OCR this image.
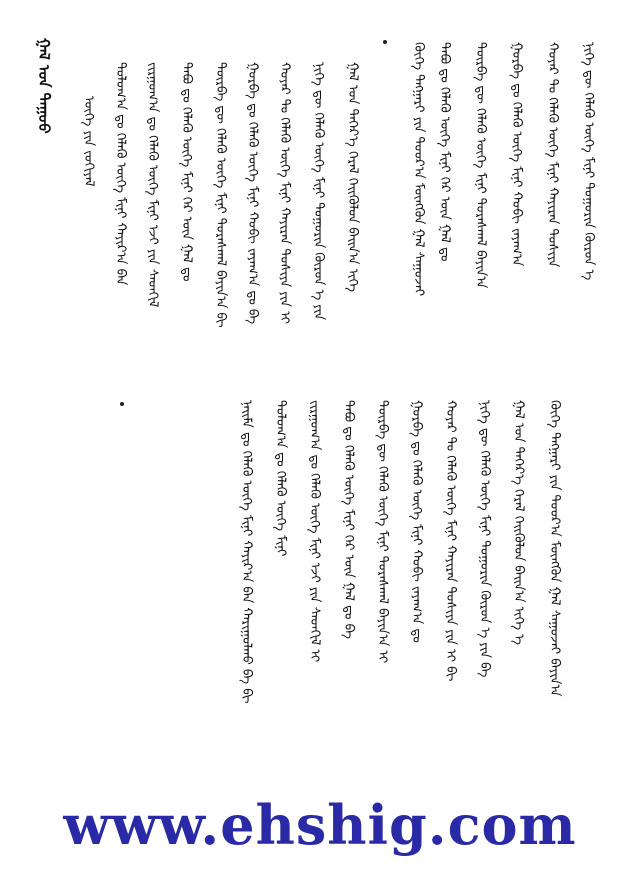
ᠨᠢᠭᠡ ᠳᠦ ᠬᠡᠯᠡᠬᠦ ᠦᠭᠡ ᠮᠢᠨᠢ ᠲᠣᠭᠣᠷᠢᠨ ᠬᠦᠷᠦᠨ ᠡ
ᠬᠣᠶᠠᠷ ᠲᠤ ᠬᠡᠯᠡᠬᠦ ᠦᠭᠡ ᠮᠢᠨᠢ ᠬᠠᠶᠢᠷᠠᠨ ᠲᠣᠰᠢᠶᠠ
ᠭᠤᠷᠪᠠ ᠳᠤ ᠬᠡᠯᠡᠬᠦ ᠦᠭᠡ ᠮᠢᠨᠢ ᠬᠤᠪᠢ ᠵᠠᠶᠠᠭ᠎ᠠ
ᠳᠥᠷᠪᠡ ᠳᠦ ᠬᠡᠯᠡᠬᠦ ᠦᠭᠡ ᠮᠢᠨᠢ ᠳᠤᠷᠠᠰᠬᠠᠯ ᠪᠠᠶᠢᠨ᠎ᠠ
ᠲᠠᠪᠤ ᠳᠤ ᠬᠡᠯᠡᠬᠦ ᠦᠭᠡ ᠮᠢᠨᠢ ᠭᠡᠷ ᠦᠨ ᠭᠠᠯ ᠳᠤ
ᠬᠥᠬᠡ ᠲᠩᠭᠠᠷᠢ ᠶᠢᠨ ᠳᠣᠣᠷ᠎ᠠ ᠮᠥᠩᠭᠥᠨ ᠭᠠᠯ ᠰᠠᠭᠤᠵᠠᠢ
ᠭᠠᠯ ᠤᠨ ᠳᠡᠭᠡᠷ᠎ᠡ ᠭᠡᠷᠡᠯ ᠭᠡᠢᠭᠦᠯᠦᠨ ᠪᠠᠢᠨ᠎ᠠ ᠢᠭᠡ
ᠨᠢᠭᠡ ᠳᠦ ᠬᠡᠯᠡᠬᠦ ᠦᠭᠡ ᠮᠢᠨᠢ ᠲᠣᠭᠣᠷᠢᠨ ᠬᠦᠷᠦᠨ ᠡ ᠶᠢᠨ
ᠬᠣᠶᠠᠷ ᠲᠤ ᠬᠡᠯᠡᠬᠦ ᠦᠭᠡ ᠮᠢᠨᠢ ᠬᠠᠶᠢᠷᠠᠨ ᠲᠣᠰᠢᠶᠠ ᠶᠢᠨ ᠢ
ᠭᠤᠷᠪᠠ ᠳᠤ ᠬᠡᠯᠡᠬᠦ ᠦᠭᠡ ᠮᠢᠨᠢ ᠬᠤᠪᠢ ᠵᠠᠶᠠᠭ᠎ᠠ ᠳᠤ ᠪᠠ
ᠳᠥᠷᠪᠡ ᠳᠦ ᠬᠡᠯᠡᠬᠦ ᠦᠭᠡ ᠮᠢᠨᠢ ᠳᠤᠷᠠᠰᠬᠠᠯ ᠪᠠᠶᠢᠨ᠎ᠠ ᠪᠢ
ᠲᠠᠪᠤ ᠳᠤ ᠬᠡᠯᠡᠬᠦ ᠦᠭᠡ ᠮᠢᠨᠢ ᠭᠡᠷ ᠦᠨ ᠭᠠᠯ ᠳᠤ
ᠵᠢᠷᠭᠤᠭ᠎ᠠ ᠳᠤ ᠬᠡᠯᠡᠬᠦ ᠦᠭᠡ ᠮᠢᠨᠢ ᠡᠵᠢ ᠶᠢᠨ ᠰᠡᠳᠬᠢᠯ
ᠳᠣᠯᠣᠭ᠎ᠠ ᠳᠤ ᠬᠡᠯᠡᠬᠦ ᠦᠭᠡ ᠮᠢᠨᠢ ᠬᠠᠶᠢᠷ᠎ᠠ ᠪᠠᠨ
ᠦᠭᠡ ᠶᠢᠨ ᠵᠣᠬᠢᠶᠠᠯ
ᠭᠠᠯ ᠤᠨ ᠳᠠᠭᠤᠤ
ᠬᠥᠬᠡ ᠲᠩᠭᠠᠷᠢ ᠶᠢᠨ ᠳᠣᠣᠷ᠎ᠠ ᠮᠥᠩᠭᠥᠨ ᠭᠠᠯ ᠰᠠᠭᠤᠵᠠᠢ ᠪᠠᠶᠢᠨ᠎ᠠ
ᠭᠠᠯ ᠤᠨ ᠳᠡᠭᠡᠷ᠎ᠡ ᠭᠡᠷᠡᠯ ᠭᠡᠢᠭᠦᠯᠦᠨ ᠪᠠᠢᠨ᠎ᠠ ᠢᠭᠡ ᠡ
ᠨᠢᠭᠡ ᠳᠦ ᠬᠡᠯᠡᠬᠦ ᠦᠭᠡ ᠮᠢᠨᠢ ᠲᠣᠭᠣᠷᠢᠨ ᠬᠦᠷᠦᠨ ᠡ ᠶᠢᠨ ᠪᠠ
ᠬᠣᠶᠠᠷ ᠲᠤ ᠬᠡᠯᠡᠬᠦ ᠦᠭᠡ ᠮᠢᠨᠢ ᠬᠠᠶᠢᠷᠠᠨ ᠲᠣᠰᠢᠶᠠ ᠶᠢᠨ ᠢ ᠪᠢ
ᠭᠤᠷᠪᠠ ᠳᠤ ᠬᠡᠯᠡᠬᠦ ᠦᠭᠡ ᠮᠢᠨᠢ ᠬᠤᠪᠢ ᠵᠠᠶᠠᠭ᠎ᠠ ᠳᠤ
ᠳᠥᠷᠪᠡ ᠳᠦ ᠬᠡᠯᠡᠬᠦ ᠦᠭᠡ ᠮᠢᠨᠢ ᠳᠤᠷᠠᠰᠬᠠᠯ ᠪᠠᠶᠢᠨ᠎ᠠ ᠢ
ᠲᠠᠪᠤ ᠳᠤ ᠬᠡᠯᠡᠬᠦ ᠦᠭᠡ ᠮᠢᠨᠢ ᠭᠡᠷ ᠦᠨ ᠭᠠᠯ ᠳᠤ ᠪᠠ
ᠵᠢᠷᠭᠤᠭ᠎ᠠ ᠳᠤ ᠬᠡᠯᠡᠬᠦ ᠦᠭᠡ ᠮᠢᠨᠢ ᠡᠵᠢ ᠶᠢᠨ ᠰᠡᠳᠬᠢᠯ ᠢ
ᠳᠣᠯᠣᠭ᠎ᠠ ᠳᠤ ᠬᠡᠯᠡᠬᠦ ᠦᠭᠡ ᠮᠢᠨᠢ
ᠨᠠᠢᠮᠠ ᠳᠤ ᠬᠡᠯᠡᠬᠦ ᠦᠭᠡ ᠮᠢᠨᠢ ᠬᠠᠶᠢᠷ᠎ᠠ ᠪᠠᠨ ᠬᠠᠷᠢᠭᠤᠯᠬᠤ ᠪᠠ ᠪᠢ
www.ehshig.com
